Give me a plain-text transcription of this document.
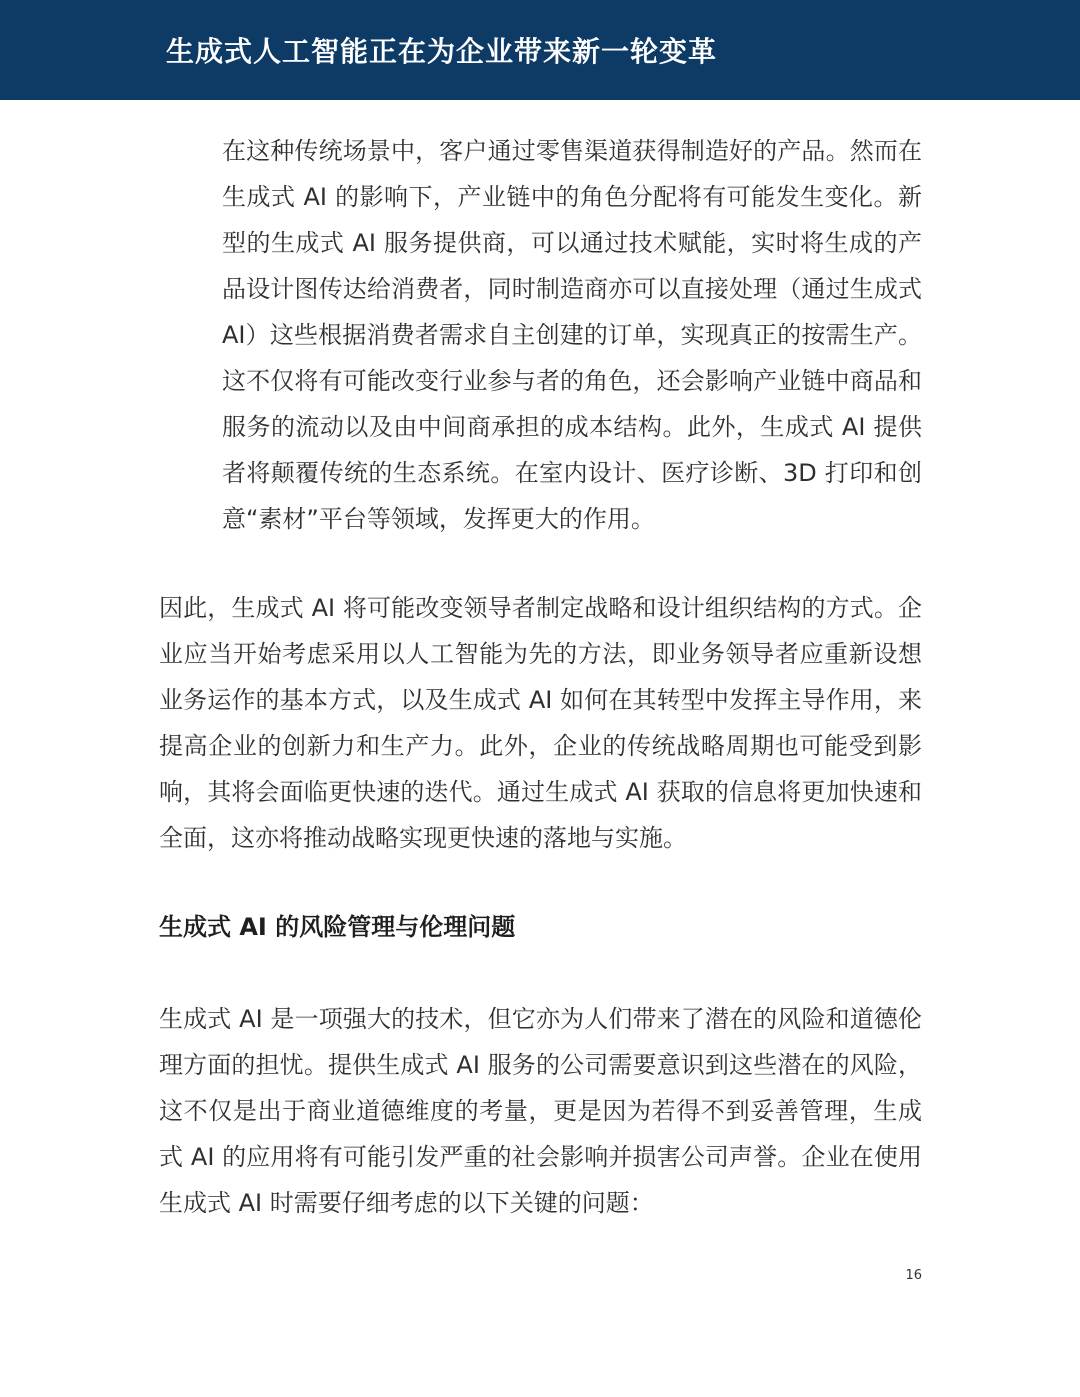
生成式人工智能正在为企业带来新一轮变革

在这种传统场景中，客户通过零售渠道获得制造好的产品。然而在生成式 AI 的影响下，产业链中的角色分配将有可能发生变化。新型的生成式 AI 服务提供商，可以通过技术赋能，实时将生成的产品设计图传达给消费者，同时制造商亦可以直接处理（通过生成式 AI）这些根据消费者需求自主创建的订单，实现真正的按需生产。这不仅将有可能改变行业参与者的角色，还会影响产业链中商品和服务的流动以及由中间商承担的成本结构。此外，生成式 AI 提供者将颠覆传统的生态系统。在室内设计、医疗诊断、3D 打印和创意“素材”平台等领域，发挥更大的作用。

因此，生成式 AI 将可能改变领导者制定战略和设计组织结构的方式。企业应当开始考虑采用以人工智能为先的方法，即业务领导者应重新设想业务运作的基本方式，以及生成式 AI 如何在其转型中发挥主导作用，来提高企业的创新力和生产力。此外，企业的传统战略周期也可能受到影响，其将会面临更快速的迭代。通过生成式 AI 获取的信息将更加快速和全面，这亦将推动战略实现更快速的落地与实施。

生成式 AI 的风险管理与伦理问题

生成式 AI 是一项强大的技术，但它亦为人们带来了潜在的风险和道德伦理方面的担忧。提供生成式 AI 服务的公司需要意识到这些潜在的风险，这不仅是出于商业道德维度的考量，更是因为若得不到妥善管理，生成式 AI 的应用将有可能引发严重的社会影响并损害公司声誉。企业在使用生成式 AI 时需要仔细考虑的以下关键的问题：

16
